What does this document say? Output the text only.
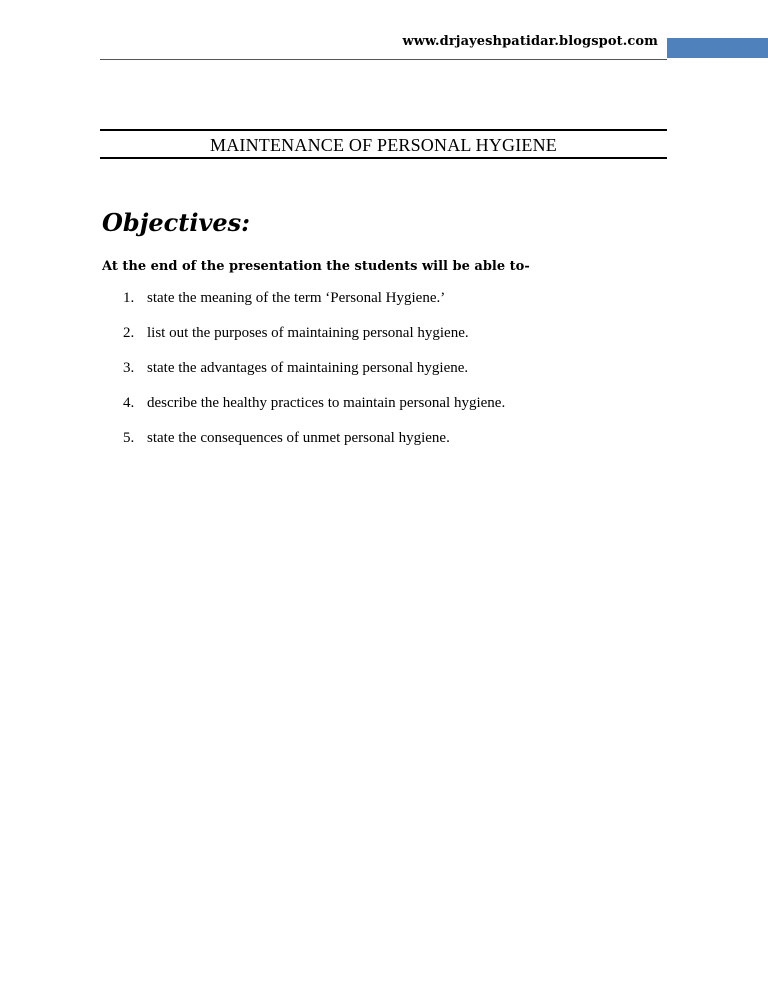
www.drjayeshpatidar.blogspot.com
MAINTENANCE OF PERSONAL HYGIENE
Objectives:
At the end of the presentation the students will be able to-
1. state the meaning of the term ‘Personal Hygiene.’
2. list out the purposes of maintaining personal hygiene.
3. state the advantages of maintaining personal hygiene.
4. describe the healthy practices to maintain personal hygiene.
5. state the consequences of unmet personal hygiene.
